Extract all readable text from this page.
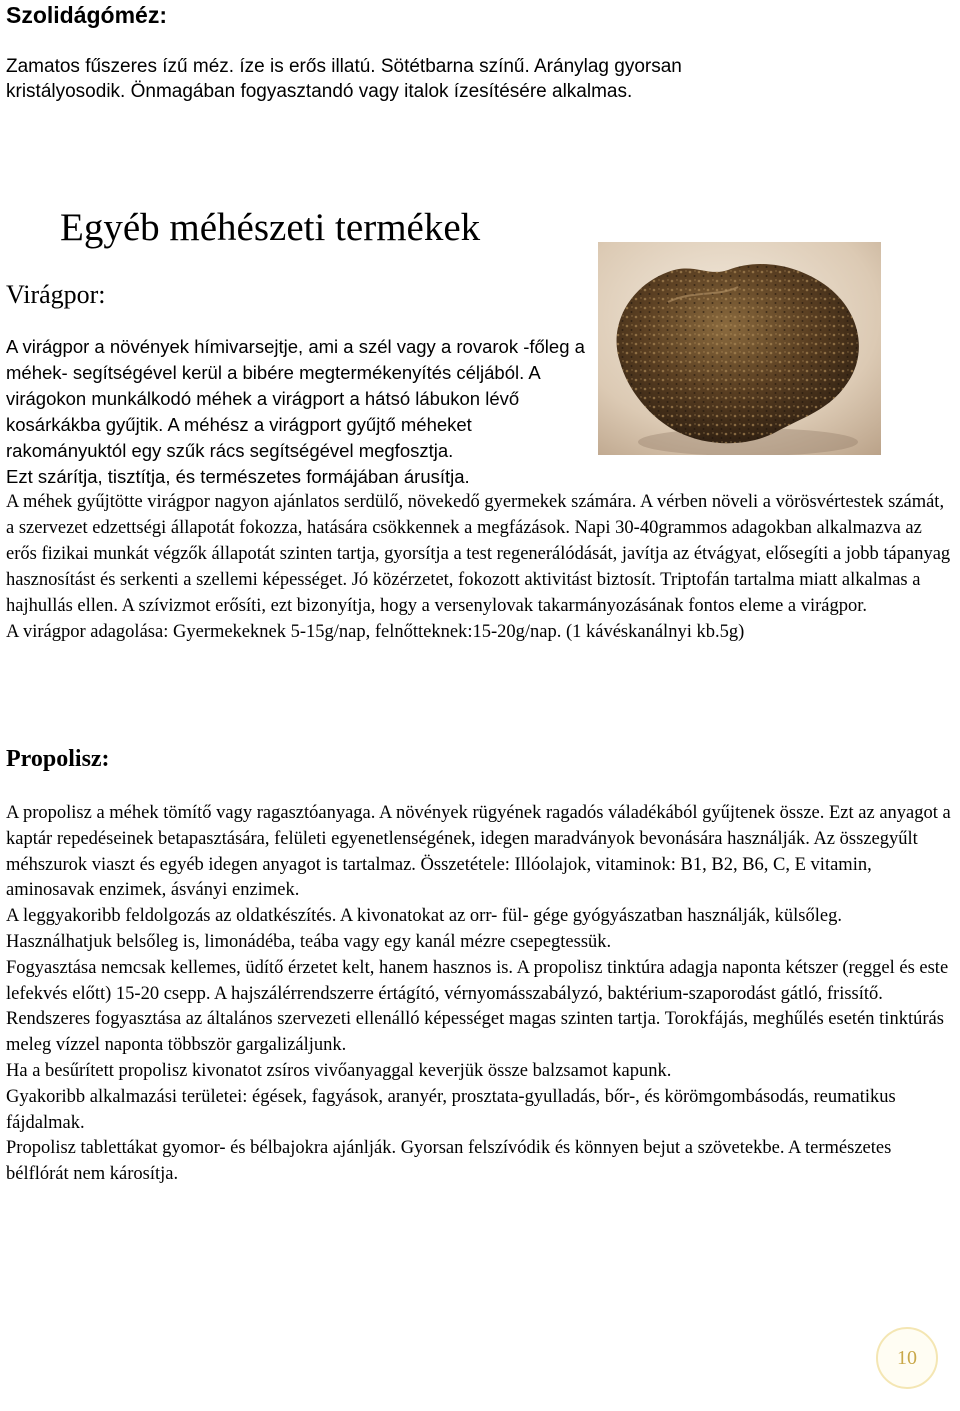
Szolidágóméz:

Zamatos fűszeres ízű méz. íze is erős illatú. Sötétbarna színű. Aránylag gyorsan kristályosodik. Önmagában fogyasztandó vagy italok ízesítésére alkalmas.

Egyéb méhészeti termékek
Virágpor:

A virágpor a növények hímivarsejtje, ami a szél vagy a rovarok -főleg a méhek- segítségével kerül a bibére megtermékenyítés céljából. A virágokon munkálkodó méhek a virágport a hátsó lábukon lévő kosárkákba gyűjtik. A méhész a virágport gyűjtő méheket rakományuktól egy szűk rács segítségével megfosztja.

Ezt szárítja, tisztítja, és természetes formájában árusítja.

A méhek gyűjtötte virágpor nagyon ajánlatos serdülő, növekedő gyermekek számára. A vérben növeli a vörösvértestek számát, a szervezet edzettségi állapotát fokozza, hatására csökkennek a megfázások. Napi 30-40grammos adagokban alkalmazva az erős fizikai munkát végzők állapotát szinten tartja, gyorsítja a test regenerálódását, javítja az étvágyat, elősegíti a jobb tápanyag hasznosítást és serkenti a szellemi képességet. Jó közérzetet, fokozott aktivitást biztosít. Triptofán tartalma miatt alkalmas a hajhullás ellen. A szívizmot erősíti, ezt bizonyítja, hogy a versenylovak takarmányozásának fontos eleme a virágpor.

A virágpor adagolása: Gyermekeknek 5-15g/nap, felnőtteknek:15-20g/nap. (1 kávéskanálnyi kb.5g)

Propolisz:

A propolisz a méhek tömítő vagy ragasztóanyaga. A növények rügyének ragadós váladékából gyűjtenek össze. Ezt az anyagot a kaptár repedéseinek betapasztására, felületi egyenetlenségének, idegen maradványok bevonására használják. Az összegyűlt méhszurok viaszt és egyéb idegen anyagot is tartalmaz. Összetétele: Illóolajok, vitaminok: B1, B2, B6, C, E vitamin, aminosavak enzimek, ásványi enzimek.

A leggyakoribb feldolgozás az oldatkészítés. A kivonatokat az orr- fül- gége gyógyászatban használják, külsőleg.

Használhatjuk belsőleg is, limonádéba, teába vagy egy kanál mézre csepegtessük.

Fogyasztása nemcsak kellemes, üdítő érzetet kelt, hanem hasznos is. A propolisz tinktúra adagja naponta kétszer (reggel és este lefekvés előtt) 15-20 csepp. A hajszálérrendszerre értágító, vérnyomásszabályzó, baktérium-szaporodást gátló, frissítő. Rendszeres fogyasztása az általános szervezeti ellenálló képességet magas szinten tartja. Torokfájás, meghűlés esetén tinktúrás meleg vízzel naponta többször gargalizáljunk.

Ha a besűrített propolisz kivonatot zsíros vivőanyaggal keverjük össze balzsamot kapunk.

Gyakoribb alkalmazási területei: égések, fagyások, aranyér, prosztata-gyulladás, bőr-, és körömgombásodás, reumatikus fájdalmak.

Propolisz tablettákat gyomor- és bélbajokra ajánlják. Gyorsan felszívódik és könnyen bejut a szövetekbe. A természetes bélflórát nem károsítja.

10
